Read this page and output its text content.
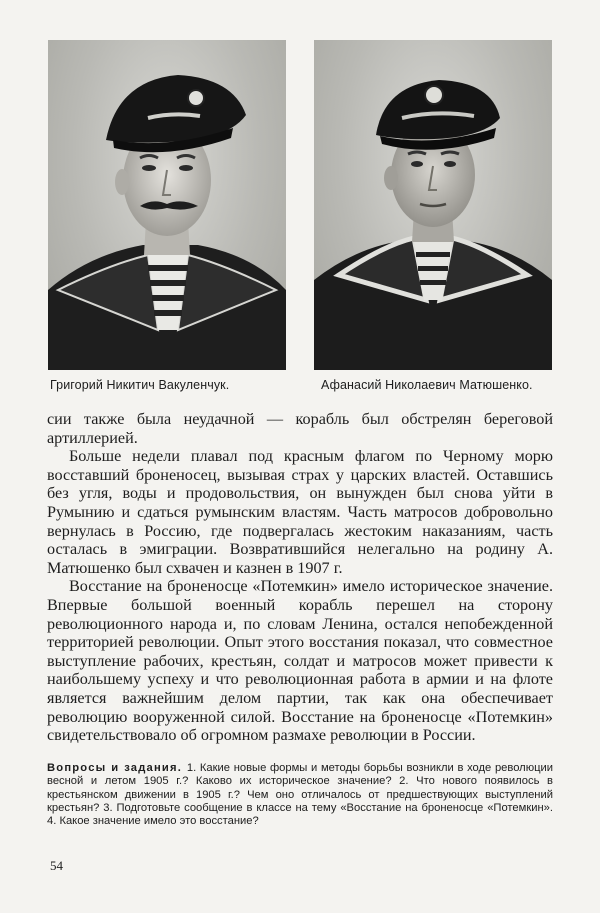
Григорий Никитич Вакуленчук.	Афанасий Николаевич Матюшенко.

сии также была неудачной — корабль был обстрелян береговой артиллерией.

Больше недели плавал под красным флагом по Черному морю восставший броненосец, вызывая страх у царских властей. Оставшись без угля, воды и продовольствия, он вынужден был снова уйти в Румынию и сдаться румынским властям. Часть матросов добровольно вернулась в Россию, где подвергалась жестоким наказаниям, часть осталась в эмиграции. Возвратившийся нелегально на родину А. Матюшенко был схвачен и казнен в 1907 г.

Восстание на броненосце «Потемкин» имело историческое значение. Впервые большой военный корабль перешел на сторону революционного народа и, по словам Ленина, остался непобежденной территорией революции. Опыт этого восстания показал, что совместное выступление рабочих, крестьян, солдат и матросов может привести к наибольшему успеху и что революционная работа в армии и на флоте является важнейшим делом партии, так как она обеспечивает революцию вооруженной силой. Восстание на броненосце «Потемкин» свидетельствовало об огромном размахе революции в России.

Вопросы и задания. 1. Какие новые формы и методы борьбы возникли в ходе революции весной и летом 1905 г.? Каково их историческое значение? 2. Что нового появилось в крестьянском движении в 1905 г.? Чем оно отличалось от предшествующих выступлений крестьян? 3. Подготовьте сообщение в классе на тему «Восстание на броненосце «Потемкин». 4. Какое значение имело это восстание?
54
